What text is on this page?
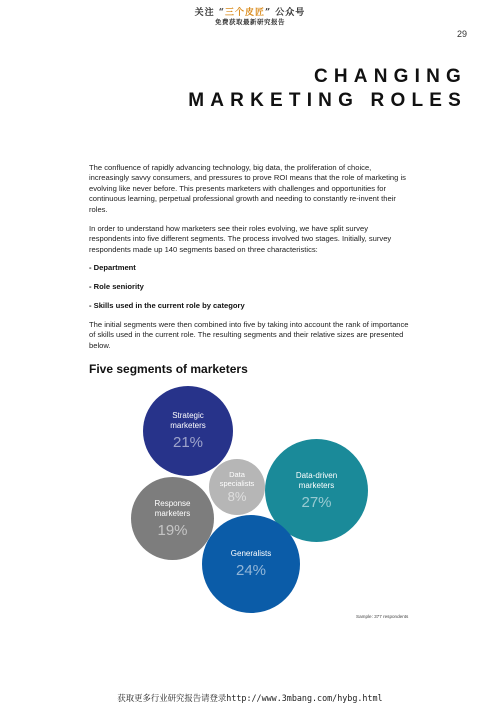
关注 “三个皮匠” 公众号
免费获取最新研究报告
29
CHANGING
MARKETING ROLES

The confluence of rapidly advancing technology, big data, the proliferation of choice, increasingly savvy consumers, and pressures to prove ROI means that the role of marketing is evolving like never before. This presents marketers with challenges and opportunities for continuous learning, perpetual professional growth and needing to constantly re-invent their roles.

In order to understand how marketers see their roles evolving, we have split survey respondents into five different segments. The process involved two stages. Initially, survey respondents made up 140 segments based on three characteristics:

- Department
- Role seniority
- Skills used in the current role by category

The initial segments were then combined into five by taking into account the rank of importance of skills used in the current role. The resulting segments and their relative sizes are presented below.

Five segments of marketers
Strategic
marketers
21%
Data-driven
marketers
27%
Response
marketers
19%
Generalists
24%
Data
specialists
8%
Sample: 377 respondents
获取更多行业研究报告请登录http://www.3mbang.com/hybg.html
